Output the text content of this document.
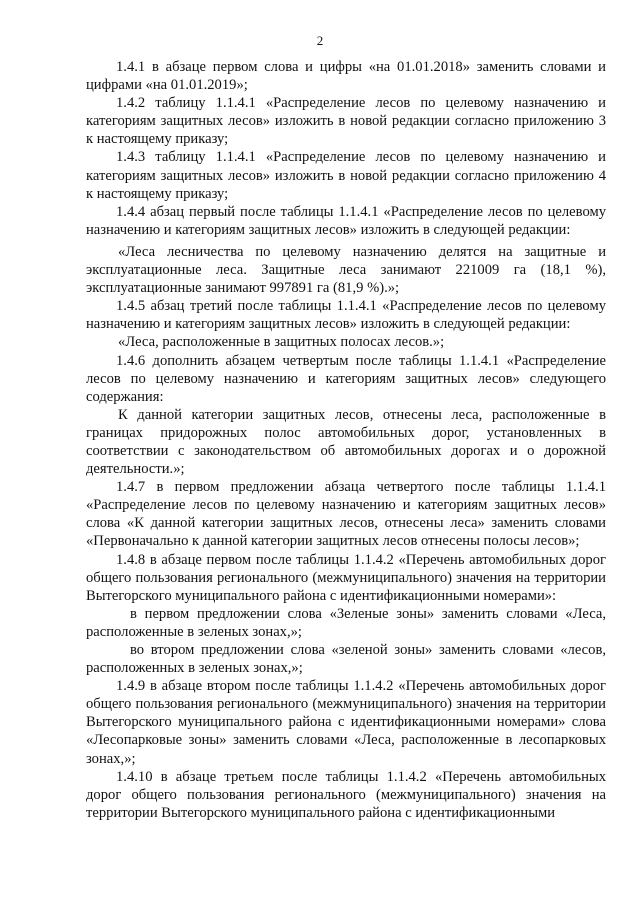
2

1.4.1 в абзаце первом слова и цифры «на 01.01.2018» заменить словами и цифрами «на 01.01.2019»;

1.4.2 таблицу 1.1.4.1 «Распределение лесов по целевому назначению и категориям защитных лесов» изложить в новой редакции согласно приложению 3 к настоящему приказу;

1.4.3 таблицу 1.1.4.1 «Распределение лесов по целевому назначению и категориям защитных лесов» изложить в новой редакции согласно приложению 4 к настоящему приказу;

1.4.4 абзац первый после таблицы 1.1.4.1 «Распределение лесов по целевому назначению и категориям защитных лесов» изложить в следующей редакции:

«Леса лесничества по целевому назначению делятся на защитные и эксплуатационные леса. Защитные леса занимают 221009 га (18,1 %), эксплуатационные занимают 997891 га (81,9 %).»;

1.4.5 абзац третий после таблицы 1.1.4.1 «Распределение лесов по целевому назначению и категориям защитных лесов» изложить в следующей редакции:

«Леса, расположенные в защитных полосах лесов.»;

1.4.6 дополнить абзацем четвертым после таблицы 1.1.4.1 «Распределение лесов по целевому назначению и категориям защитных лесов» следующего содержания:

К данной категории защитных лесов, отнесены леса, расположенные в границах придорожных полос автомобильных дорог, установленных в соответствии с законодательством об автомобильных дорогах и о дорожной деятельности.»;

1.4.7 в первом предложении абзаца четвертого после таблицы 1.1.4.1 «Распределение лесов по целевому назначению и категориям защитных лесов» слова «К данной категории защитных лесов, отнесены леса» заменить словами «Первоначально к данной категории защитных лесов отнесены полосы лесов»;

1.4.8 в абзаце первом после таблицы 1.1.4.2 «Перечень автомобильных дорог общего пользования регионального (межмуниципального) значения на территории Вытегорского муниципального района с идентификационными номерами»:

в первом предложении слова «Зеленые зоны» заменить словами «Леса, расположенные в зеленых зонах,»;

во втором предложении слова «зеленой зоны» заменить словами «лесов, расположенных в зеленых зонах,»;

1.4.9 в абзаце втором после таблицы 1.1.4.2 «Перечень автомобильных дорог общего пользования регионального (межмуниципального) значения на территории Вытегорского муниципального района с идентификационными номерами» слова «Лесопарковые зоны» заменить словами «Леса, расположенные в лесопарковых зонах,»;

1.4.10 в абзаце третьем после таблицы 1.1.4.2 «Перечень автомобильных дорог общего пользования регионального (межмуниципального) значения на территории Вытегорского муниципального района с идентификационными
